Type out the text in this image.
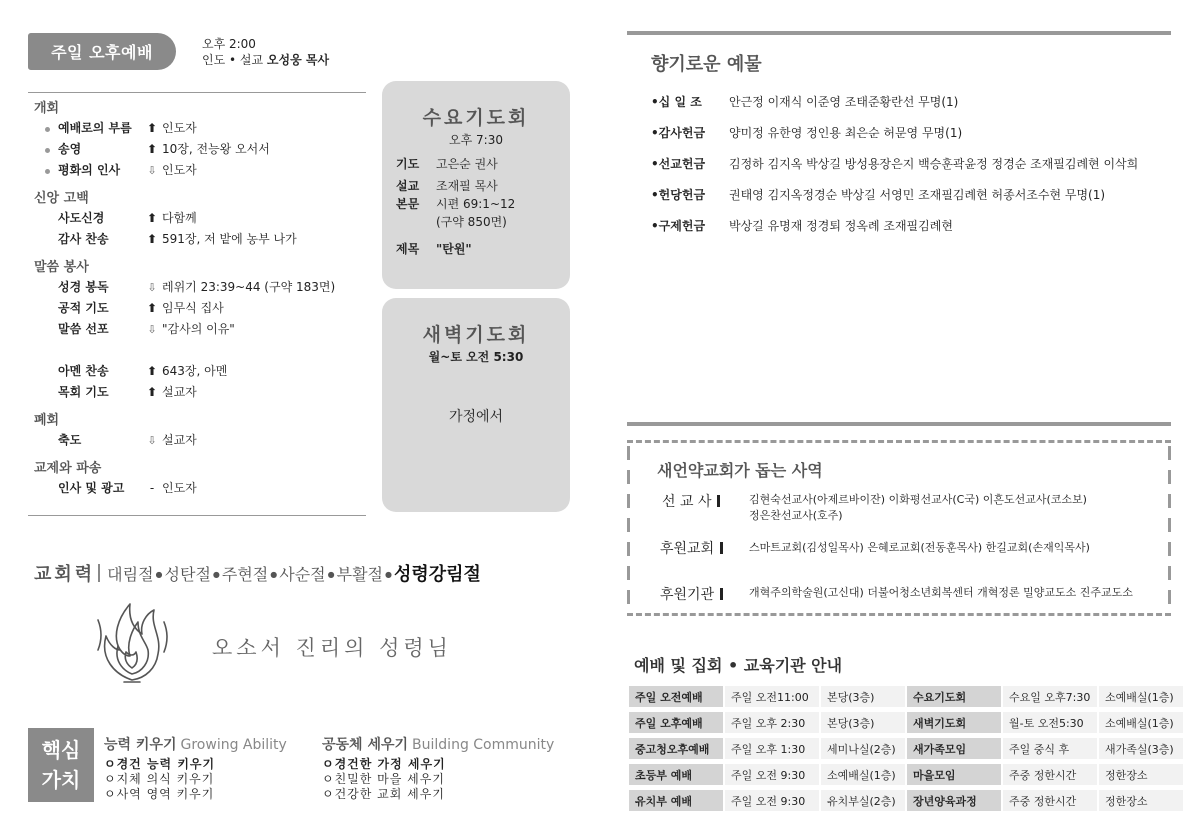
주일 오후예배	오후 2:00
인도 • 설교 오성웅 목사
개회
예배로의 부름 ⬆ 인도자
송영	⬆ 10장, 전능왕 오서서
평화의 인사 ⇩ 인도자
신앙 고백
사도신경	⬆ 다함께
감사 찬송	⬆ 591장, 저 밭에 농부 나가
말씀 봉사
성경 봉독	⇩ 레위기 23:39~44 (구약 183면)
공적 기도	⬆ 임무식 집사
말씀 선포	⇩ "감사의 이유"
아멘 찬송	⬆ 643장, 아멘
목회 기도	⬆ 설교자
폐회
축도	⇩ 설교자
교제와 파송
인사 및 광고	- 인도자
수요기도회
오후 7:30
기도 고은순 권사
설교 조재필 목사
본문 시편 69:1~12
(구약 850면)
제목 "탄원"
새벽기도회
월~토 오전 5:30
가정에서
교회력 대림절 ● 성탄절 ● 주현절 ● 사순절 ● 부활절 ● 성령강림절
오소서 진리의 성령님
핵심
가치
능력 키우기 Growing Ability
ㅇ경건 능력 키우기
ㅇ지체 의식 키우기
ㅇ사역 영역 키우기
공동체 세우기 Building Community
ㅇ경건한 가정 세우기
ㅇ친밀한 마을 세우기
ㅇ건강한 교회 세우기
향기로운 예물
•십 일 조 안근정 이재식 이준영 조태준황란선 무명(1)
•감사헌금 양미정 유한영 정인용 최은순 허문영 무명(1)
•선교헌금 김정하 김지옥 박상길 방성용장은지 백승훈곽윤정 정경순 조재필김례현 이삭희
•헌당헌금 권태영 김지옥정경순 박상길 서영민 조재필김례현 허종서조수현 무명(1)
•구제헌금 박상길 유명재 정경퇴 정옥례 조재필김례현
새언약교회가 돕는 사역
선 교 사	김현숙선교사(아제르바이잔) 이화평선교사(C국) 이흔도선교사(코소보)
정은찬선교사(호주)
후원교회	스마트교회(김성일목사) 은혜로교회(전동훈목사) 한길교회(손재익목사)
후원기관	개혁주의학술원(고신대) 더불어청소년회복센터 개혁정론 밀양교도소 진주교도소
예배 및 집회 • 교육기관 안내
주일 오전예배	주일 오전11:00	본당(3층)	수요기도회	수요일 오후7:30	소예배실(1층)
주일 오후예배	주일 오후 2:30	본당(3층)	새벽기도회	월-토 오전5:30	소예배실(1층)
중고청오후예배	주일 오후 1:30	세미나실(2층)	새가족모임	주일 중식 후	새가족실(3층)
초등부 예배	주일 오전 9:30	소예배실(1층)	마을모임	주중 정한시간	정한장소
유치부 예배	주일 오전 9:30	유치부실(2층)	장년양육과정	주중 정한시간	정한장소
